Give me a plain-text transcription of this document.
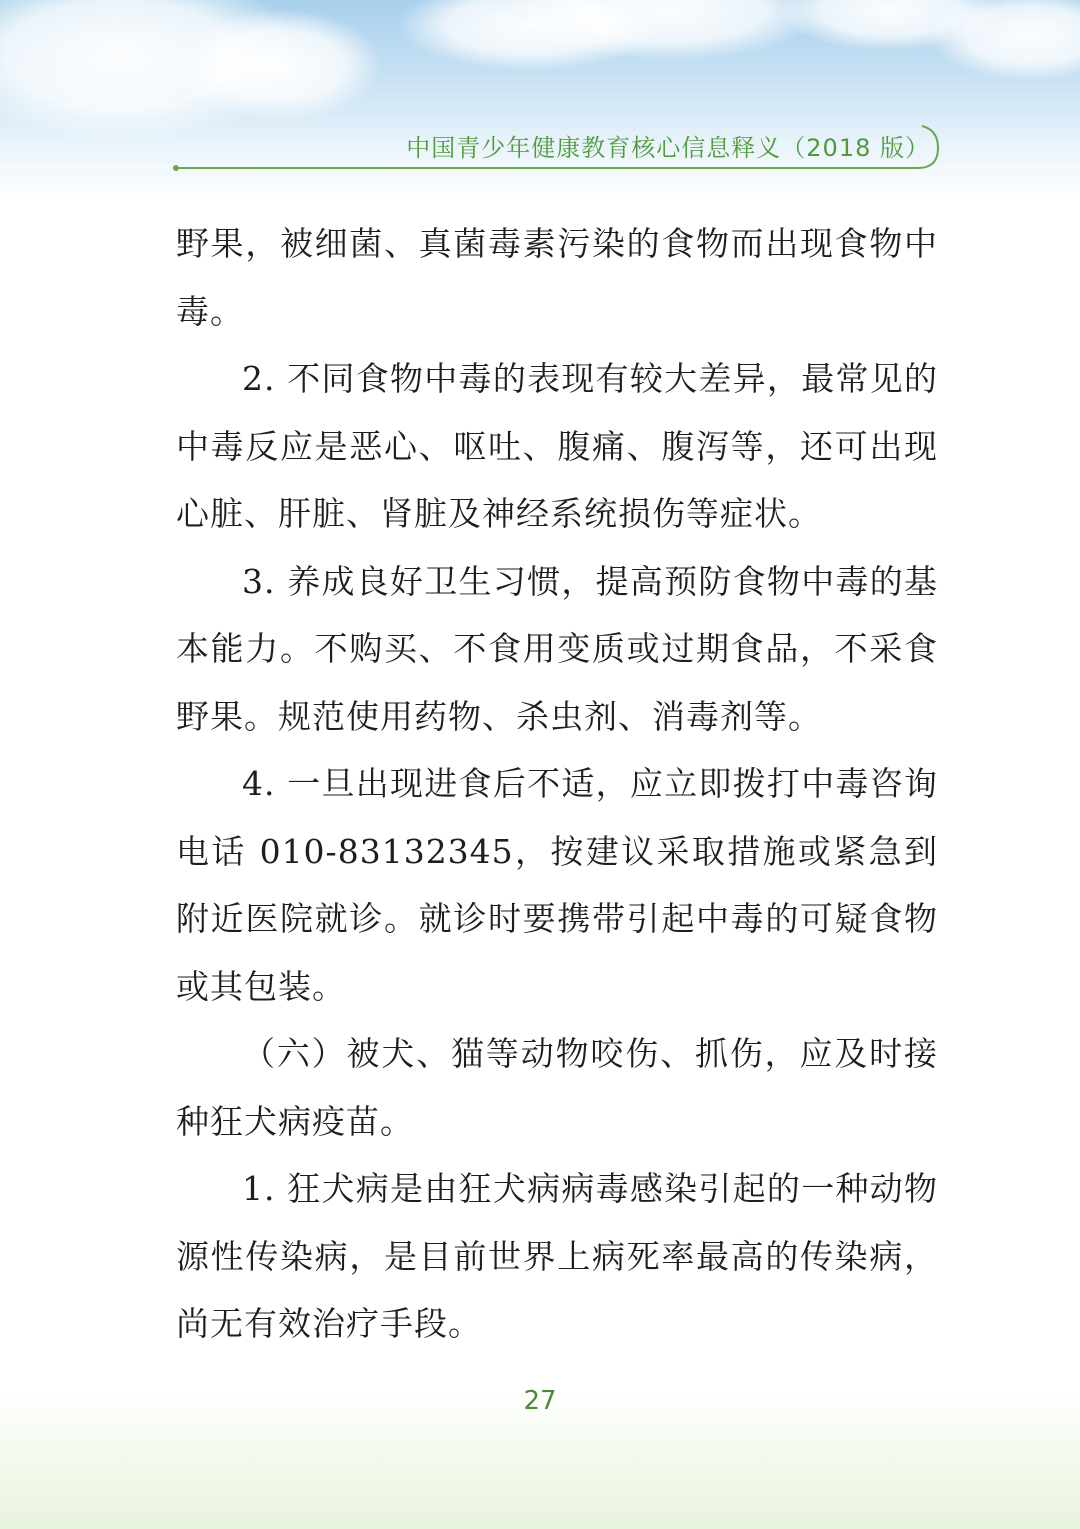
中国青少年健康教育核心信息释义（2018 版）

野果，被细菌、真菌毒素污染的食物而出现食物中毒。

2. 不同食物中毒的表现有较大差异，最常见的中毒反应是恶心、呕吐、腹痛、腹泻等，还可出现心脏、肝脏、肾脏及神经系统损伤等症状。

3. 养成良好卫生习惯，提高预防食物中毒的基本能力。不购买、不食用变质或过期食品，不采食野果。规范使用药物、杀虫剂、消毒剂等。

4. 一旦出现进食后不适，应立即拨打中毒咨询电话 010-83132345，按建议采取措施或紧急到附近医院就诊。就诊时要携带引起中毒的可疑食物或其包装。

（六）被犬、猫等动物咬伤、抓伤，应及时接种狂犬病疫苗。

1. 狂犬病是由狂犬病病毒感染引起的一种动物源性传染病，是目前世界上病死率最高的传染病，尚无有效治疗手段。

27
